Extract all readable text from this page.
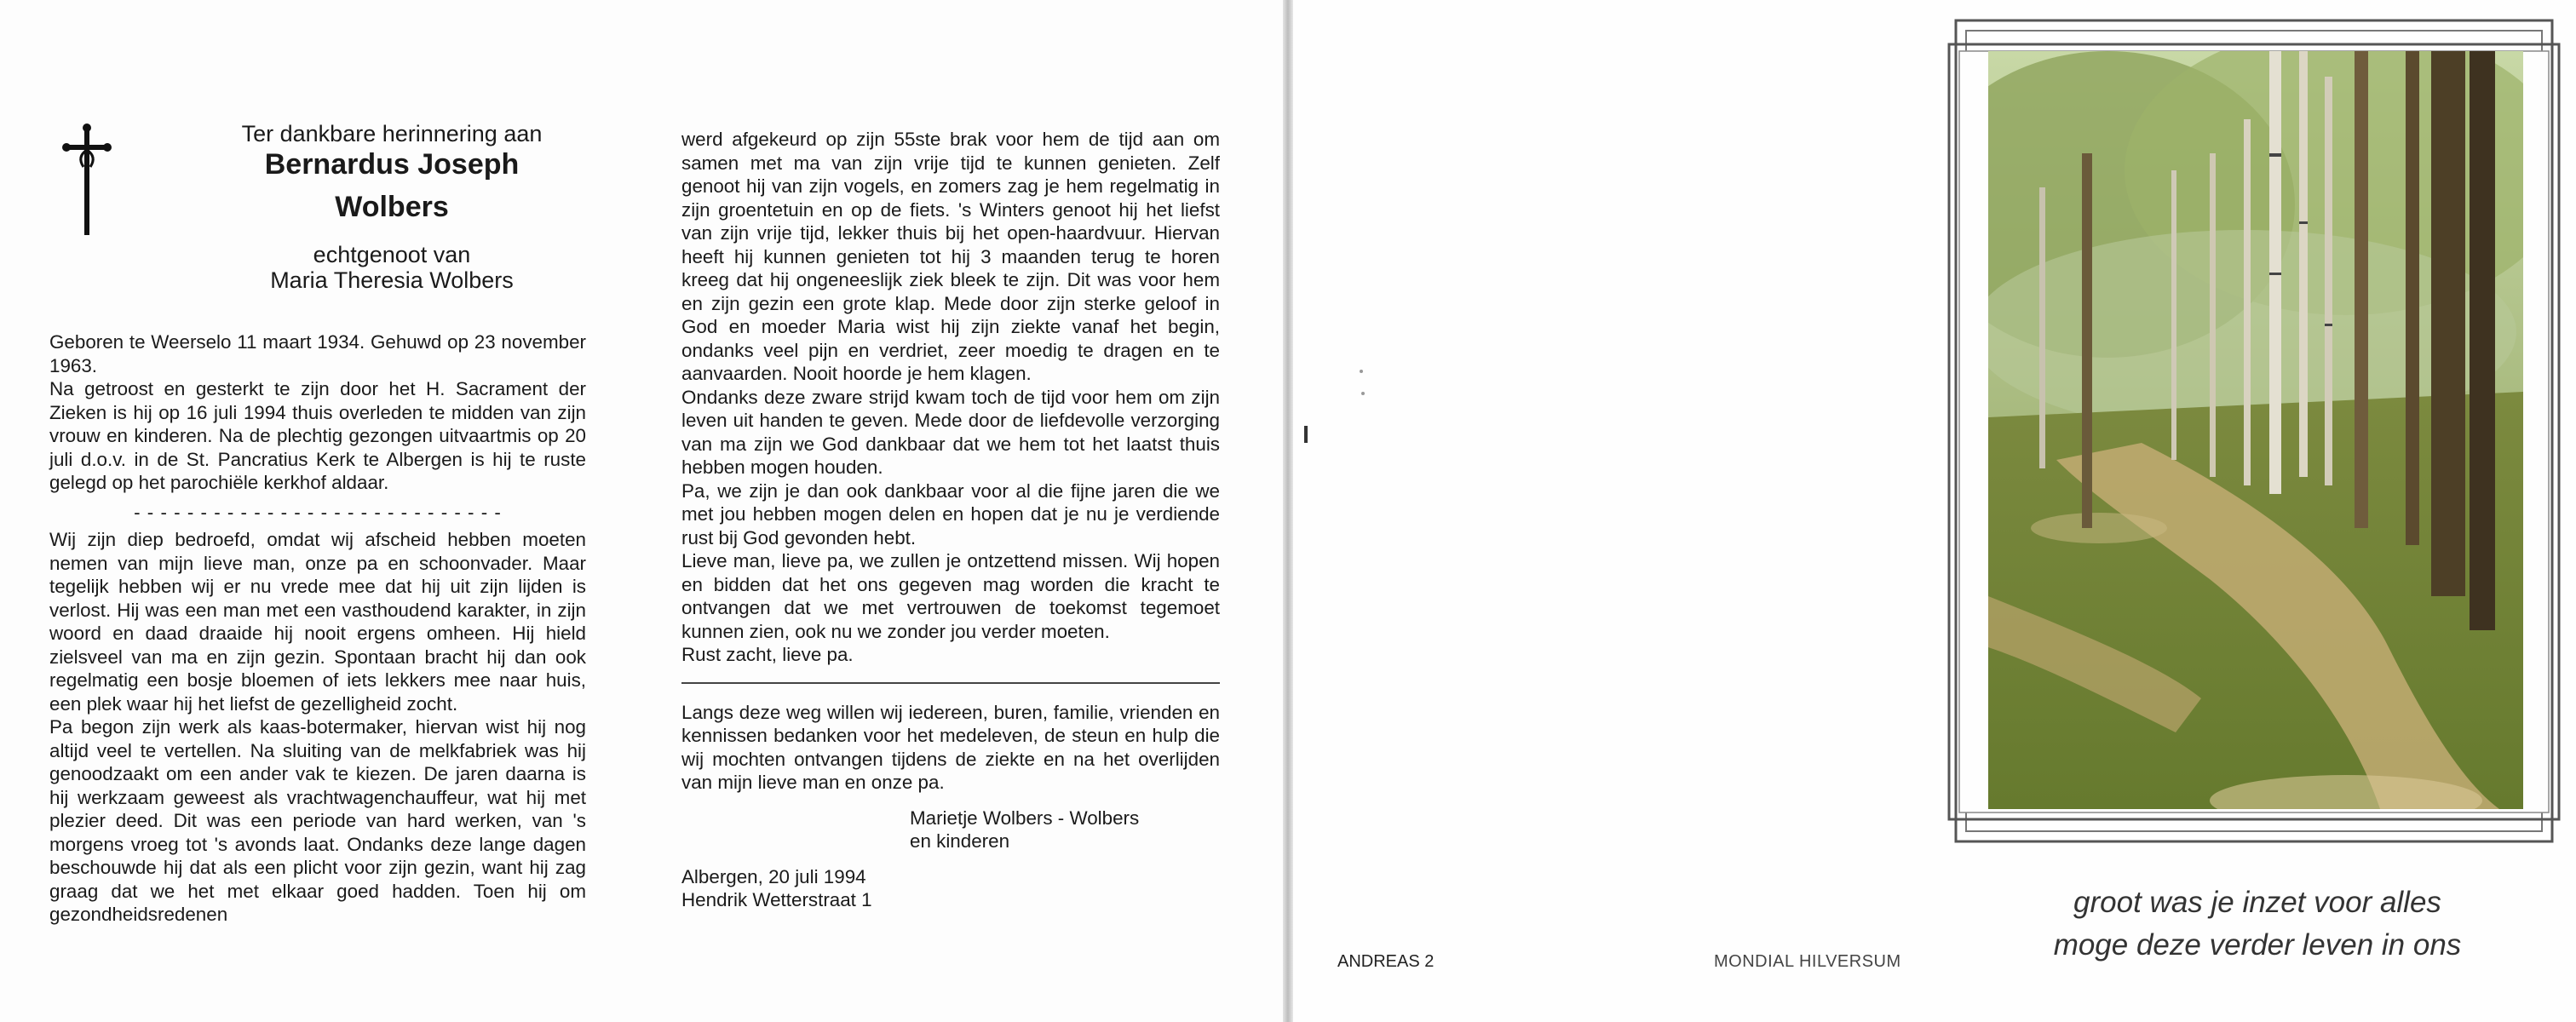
Ter dankbare herinnering aan
Bernardus Joseph
Wolbers
echtgenoot van
Maria Theresia Wolbers

Geboren te Weerselo 11 maart 1934. Gehuwd op 23 november 1963.

Na getroost en gesterkt te zijn door het H. Sacrament der Zieken is hij op 16 juli 1994 thuis overleden te midden van zijn vrouw en kinderen. Na de plechtig gezongen uitvaartmis op 20 juli d.o.v. in de St. Pancratius Kerk te Albergen is hij te ruste gelegd op het parochiële kerkhof aldaar.

- - - - - - - - - - - - - - - - - - - - - - - - - - - -

Wij zijn diep bedroefd, omdat wij afscheid hebben moeten nemen van mijn lieve man, onze pa en schoonvader. Maar tegelijk hebben wij er nu vrede mee dat hij uit zijn lijden is verlost. Hij was een man met een vasthoudend karakter, in zijn woord en daad draaide hij nooit ergens omheen. Hij hield zielsveel van ma en zijn gezin. Spontaan bracht hij dan ook regelmatig een bosje bloemen of iets lekkers mee naar huis, een plek waar hij het liefst de gezelligheid zocht.

Pa begon zijn werk als kaas-botermaker, hiervan wist hij nog altijd veel te vertellen. Na sluiting van de melkfabriek was hij genoodzaakt om een ander vak te kiezen. De jaren daarna is hij werkzaam geweest als vrachtwagenchauffeur, wat hij met plezier deed. Dit was een periode van hard werken, van 's morgens vroeg tot 's avonds laat. Ondanks deze lange dagen beschouwde hij dat als een plicht voor zijn gezin, want hij zag graag dat we het met elkaar goed hadden. Toen hij om gezondheidsredenen

werd afgekeurd op zijn 55ste brak voor hem de tijd aan om samen met ma van zijn vrije tijd te kunnen genieten. Zelf genoot hij van zijn vogels, en zomers zag je hem regelmatig in zijn groentetuin en op de fiets. 's Winters genoot hij het liefst van zijn vrije tijd, lekker thuis bij het open-haardvuur. Hiervan heeft hij kunnen genieten tot hij 3 maanden terug te horen kreeg dat hij ongeneeslijk ziek bleek te zijn. Dit was voor hem en zijn gezin een grote klap. Mede door zijn sterke geloof in God en moeder Maria wist hij zijn ziekte vanaf het begin, ondanks veel pijn en verdriet, zeer moedig te dragen en te aanvaarden. Nooit hoorde je hem klagen.

Ondanks deze zware strijd kwam toch de tijd voor hem om zijn leven uit handen te geven. Mede door de liefdevolle verzorging van ma zijn we God dankbaar dat we hem tot het laatst thuis hebben mogen houden.

Pa, we zijn je dan ook dankbaar voor al die fijne jaren die we met jou hebben mogen delen en hopen dat je nu je verdiende rust bij God gevonden hebt.

Lieve man, lieve pa, we zullen je ontzettend missen. Wij hopen en bidden dat het ons gegeven mag worden die kracht te ontvangen dat we met vertrouwen de toekomst tegemoet kunnen zien, ook nu we zonder jou verder moeten.

Rust zacht, lieve pa.

Langs deze weg willen wij iedereen, buren, familie, vrienden en kennissen bedanken voor het medeleven, de steun en hulp die wij mochten ontvangen tijdens de ziekte en na het overlijden van mijn lieve man en onze pa.

Marietje Wolbers - Wolbers

en kinderen

Albergen, 20 juli 1994

Hendrik Wetterstraat 1	groot was je inzet voor alles
moge deze verder leven in ons
ANDREAS 2	MONDIAL HILVERSUM
